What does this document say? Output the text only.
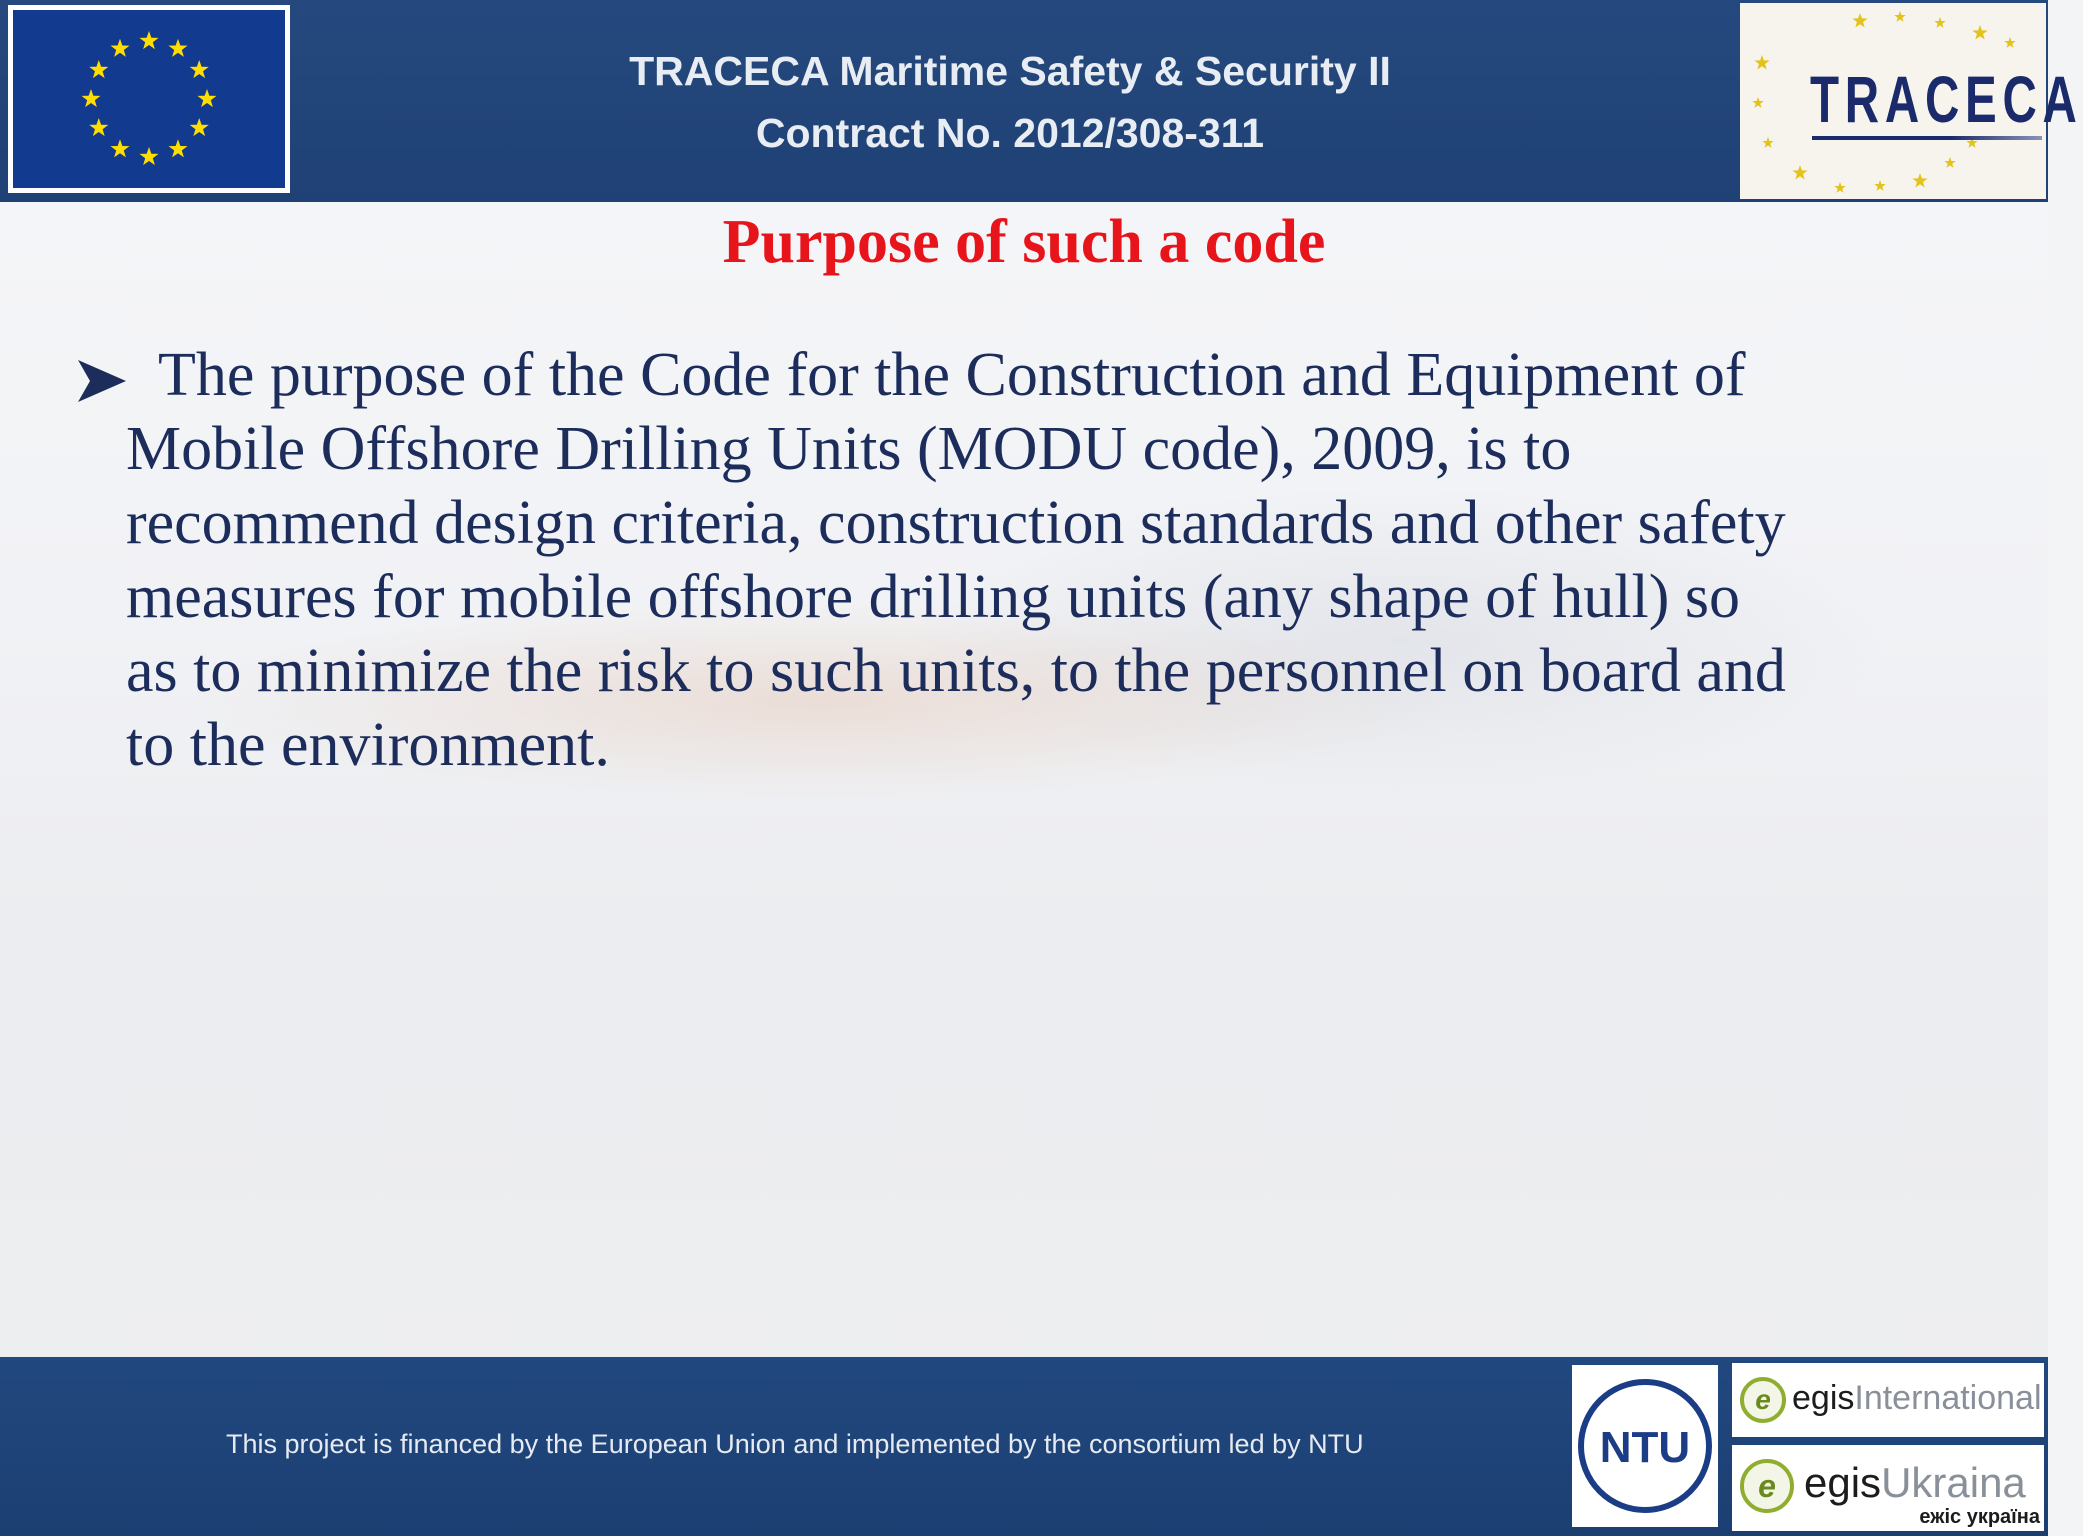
TRACECA Maritime Safety & Security II
Contract No. 2012/308-311	TRACECA
Purpose of such a code
The purpose of the Code for the Construction and Equipment of
Mobile Offshore Drilling Units (MODU code), 2009, is to
recommend design criteria, construction standards and other safety
measures for mobile offshore drilling units (any shape of hull) so
as to minimize the risk to such units, to the personnel on board and
to the environment.
This project is financed by the European Union and implemented by the consortium led by NTU	NTU
e egisInternational
e egisUkraina
ежіс україна
